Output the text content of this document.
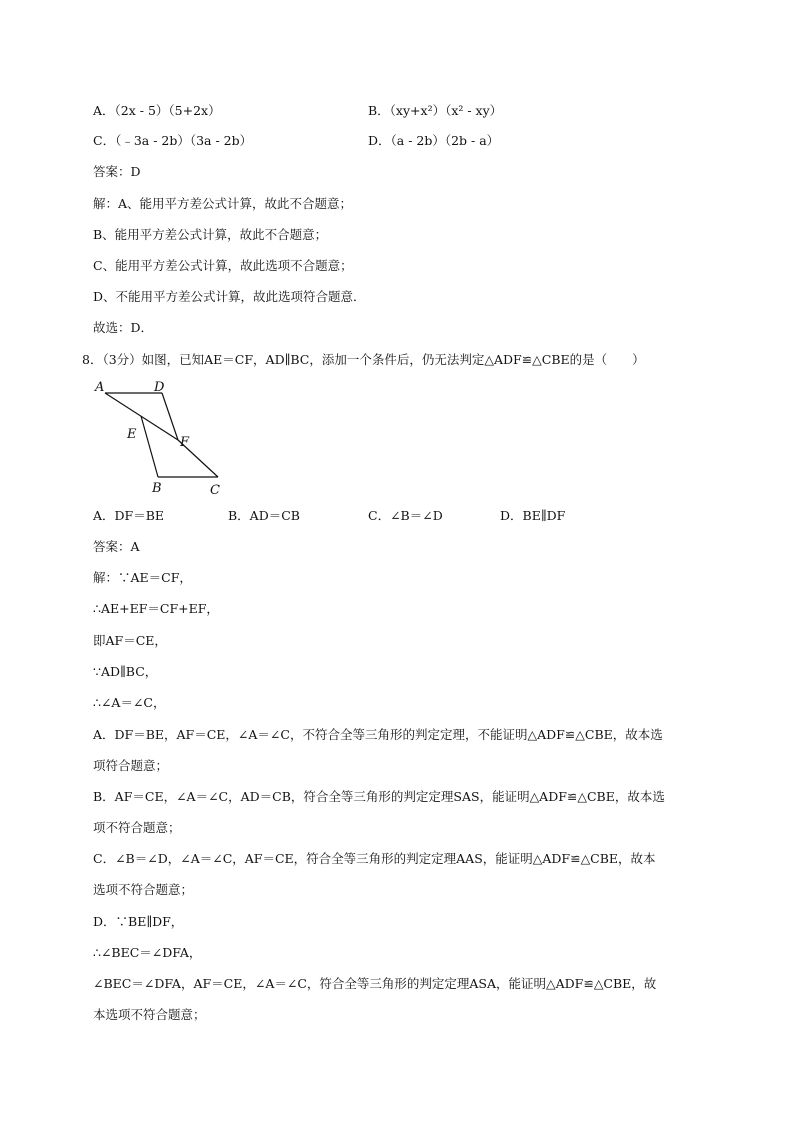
A．（2x - 5）（5+2x）	B．（xy+x²）（x² - xy）
C．（﹣3a - 2b）（3a - 2b）	D．（a - 2b）（2b - a）
答案：D
解：A、能用平方差公式计算，故此不合题意；
B、能用平方差公式计算，故此不合题意；
C、能用平方差公式计算，故此选项不合题意；
D、不能用平方差公式计算，故此选项符合题意．
故选：D．
8．（3分）如图，已知AE＝CF，AD∥BC，添加一个条件后，仍无法判定△ADF≌△CBE的是（　　）
A	D
E
F
B	C
A．DF＝BE	B．AD＝CB	C．∠B＝∠D	D．BE∥DF
答案：A
解：∵AE＝CF，
∴AE+EF＝CF+EF，
即AF＝CE，
∵AD∥BC，
∴∠A＝∠C，
A．DF＝BE，AF＝CE，∠A＝∠C，不符合全等三角形的判定定理，不能证明△ADF≌△CBE，故本选
项符合题意；
B．AF＝CE，∠A＝∠C，AD＝CB，符合全等三角形的判定定理SAS，能证明△ADF≌△CBE，故本选
项不符合题意；
C．∠B＝∠D，∠A＝∠C，AF＝CE，符合全等三角形的判定定理AAS，能证明△ADF≌△CBE，故本
选项不符合题意；
D．∵BE∥DF，
∴∠BEC＝∠DFA，
∠BEC＝∠DFA，AF＝CE，∠A＝∠C，符合全等三角形的判定定理ASA，能证明△ADF≌△CBE，故
本选项不符合题意；
